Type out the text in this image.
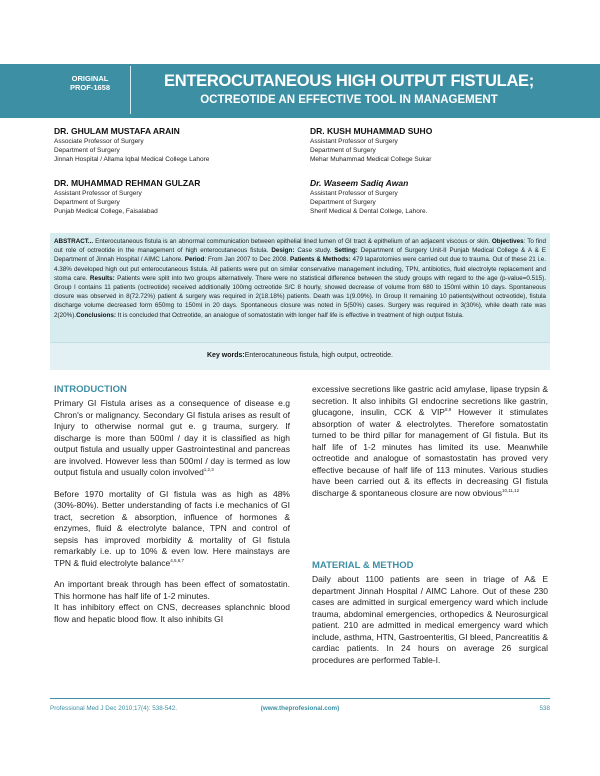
ORIGINAL
PROF-1658	ENTEROCUTANEOUS HIGH OUTPUT FISTULAE;
OCTREOTIDE AN EFFECTIVE TOOL IN MANAGEMENT
DR. GHULAM MUSTAFA ARAIN
Associate Professor of Surgery
Department of Surgery
Jinnah Hospital / Allama Iqbal Medical College Lahore
DR. KUSH MUHAMMAD SUHO
Assistant Professor of Surgery
Department of Surgery
Mehar Muhammad Medical College Sukar
DR. MUHAMMAD REHMAN GULZAR
Assistant Professor of Surgery
Department of Surgery
Punjab Medical College, Faisalabad
Dr. Waseem Sadiq Awan
Assistant Professor of Surgery
Department of Surgery
Sherif Medical & Dental College, Lahore.
ABSTRACT... Enterocutaneous fistula is an abnormal communication between epithelial lined lumen of GI tract & epithelium of an adjacent viscous or skin. Objectives: To find out role of octreotide in the management of high enterocutaneous fistula. Design: Case study. Setting: Department of Surgery Unit-II Punjab Medical College & A & E Department of Jinnah Hospital / AIMC Lahore. Period: From Jan 2007 to Dec 2008. Patients & Methods: 479 laparotomies were carried out due to trauma. Out of these 21 i.e. 4.38% developed high out put enterocutaneous fistula. All patients were put on similar conservative management including, TPN, antibiotics, fluid electrolyte replacement and stoma care. Results: Patients were split into two groups alternatively. There were no statistical difference between the study groups with regard to the age (p-value=0.515). Group I contains 11 patients (octreotide) received additionally 100mg octreotide S/C 8 hourly, showed decrease of volume from 680 to 150ml within 10 days. Spontaneous closure was observed in 8(72.72%) patient & surgery was required in 2(18.18%) patients. Death was 1(9.09%). In Group II remaining 10 patients(without octreotide), fistula discharge volume decreased form 650mg to 150ml in 20 days. Spontaneous closure was noted in 5(50%) cases. Surgery was required in 3(30%), while death rate was 2(20%).Conclusions: It is concluded that Octreotide, an analogue of somatostatin with longer half life is effective in treatment of high output fistula.
Key words:Enterocatuneous fistula, high output, octreotide.
INTRODUCTION

Primary GI Fistula arises as a consequence of disease e.g Chron's or malignancy. Secondary GI fistula arises as result of Injury to otherwise normal gut e. g trauma, surgery. If discharge is more than 500ml / day it is classified as high output fistula and usually upper Gastrointestinal and pancreas are involved. However less than 500ml / day is termed as low output fistula and usually colon involved$^{1,2,3}$

Before 1970 mortality of GI fistula was as high as 48% (30%-80%). Better understanding of facts i.e mechanics of GI tract, secretion & absorption, influence of hormones & enzymes, fluid & electrolyte balance, TPN and control of sepsis has improved morbidity & mortality of GI fistula remarkably i.e. up to 10% & even low. Here mainstays are TPN & fluid electrolyte balance$^{4,5,6,7}$

An important break through has been effect of somatostatin. This hormone has half life of 1-2 minutes.

It has inhibitory effect on CNS, decreases splanchnic blood flow and hepatic blood flow. It also inhibits GI

excessive secretions like gastric acid amylase, lipase trypsin & secretion. It also inhibits GI endocrine secretions like gastrin, glucagone, insulin, CCK & VIP$^{8,9}$ However it stimulates absorption of water & electrolytes. Therefore somatostatin turned to be third pillar for management of GI fistula. But its half life of 1-2 minutes has limited its use. Meanwhile octreotide and analogue of somastostatin has proved very effective because of half life of 113 minutes. Various studies have been carried out & its effects in decreasing GI fistula discharge & spontaneous closure are now obvious$^{10,11,12}$

MATERIAL & METHOD

Daily about 1100 patients are seen in triage of A& E department Jinnah Hospital / AIMC Lahore. Out of these 230 cases are admitted in surgical emergency ward which include trauma, abdominal emergencies, orthopedics & Neurosurgical patient. 210 are admitted in medical emergency ward which include, asthma, HTN, Gastroenteritis, GI bleed, Pancreatitis & cardiac patients. In 24 hours on average 26 surgical procedures are performed Table-I.

Professional Med J Dec 2010;17(4): 538-542.	(www.theprofesional.com)	538
